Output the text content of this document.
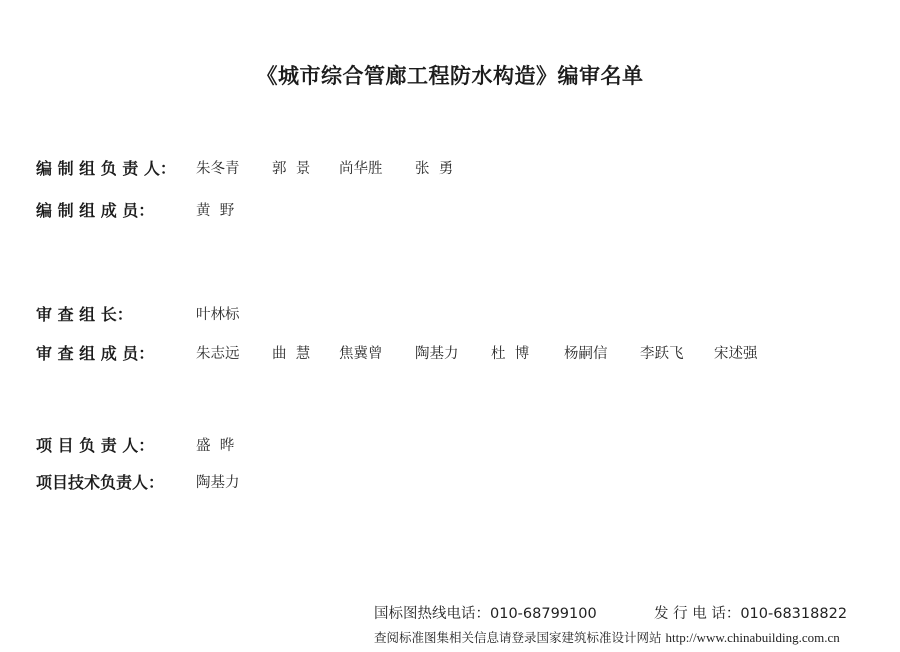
《城市综合管廊工程防水构造》编审名单
编 制 组 负 责 人：	朱冬青	郭  景	尚华胜	张  勇
编 制 组 成 员：	黄  野
审 查 组 长：	叶林标
审 查 组 成 员：	朱志远	曲  慧	焦冀曾	陶基力	杜  博	杨嗣信	李跃飞	宋述强
项 目 负 责 人：	盛  晔
项目技术负责人：	陶基力
国标图热线电话：010-68799100	发 行 电 话：010-68318822
查阅标准图集相关信息请登录国家建筑标准设计网站 http://www.chinabuilding.com.cn
